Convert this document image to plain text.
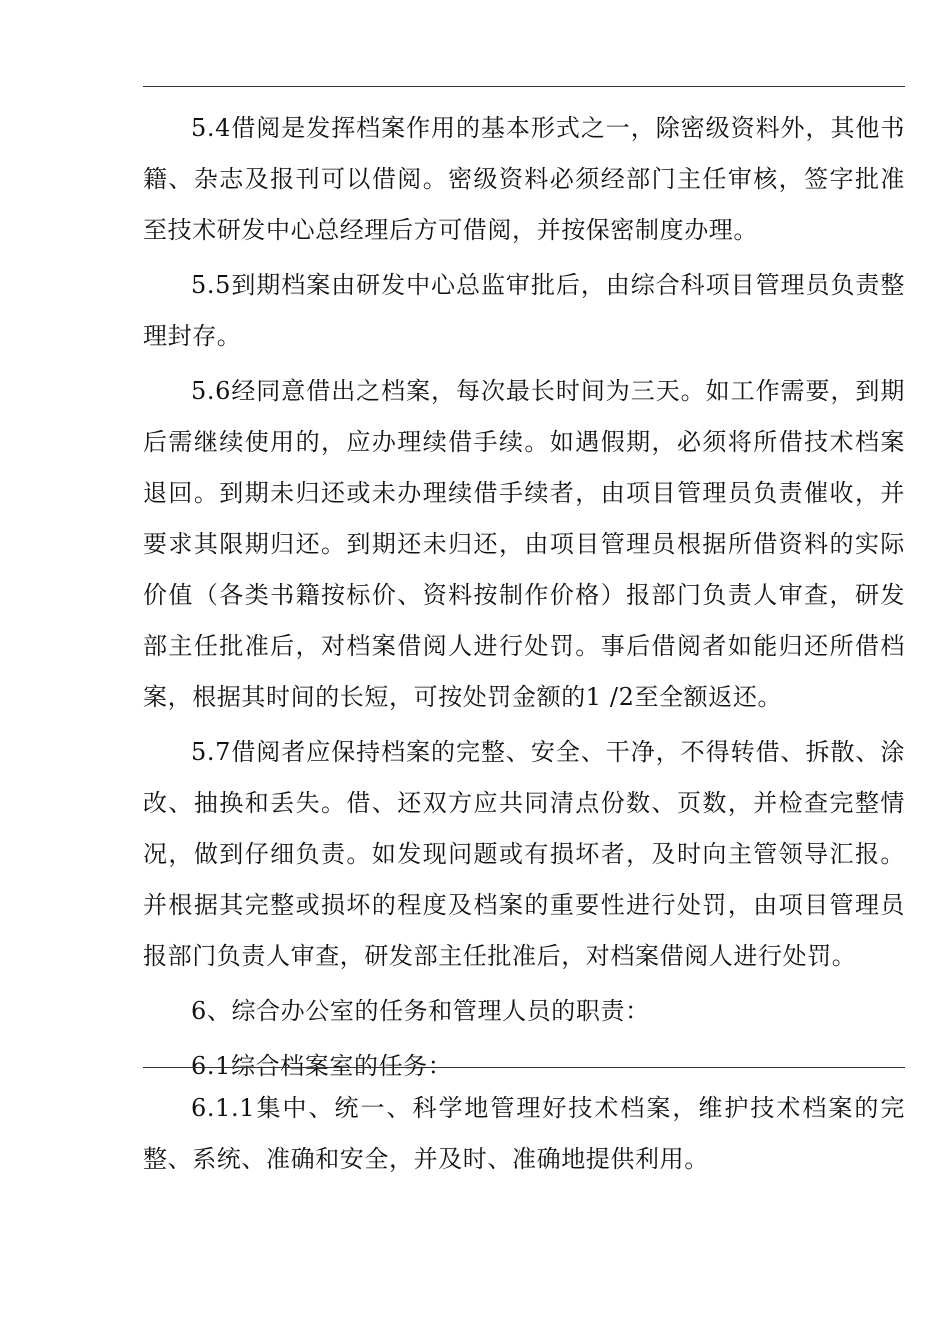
5.4借阅是发挥档案作用的基本形式之一，除密级资料外，其他书籍、杂志及报刊可以借阅。密级资料必须经部门主任审核，签字批准至技术研发中心总经理后方可借阅，并按保密制度办理。

5.5到期档案由研发中心总监审批后，由综合科项目管理员负责整理封存。

5.6经同意借出之档案，每次最长时间为三天。如工作需要，到期后需继续使用的，应办理续借手续。如遇假期，必须将所借技术档案退回。到期未归还或未办理续借手续者，由项目管理员负责催收，并要求其限期归还。到期还未归还，由项目管理员根据所借资料的实际价值（各类书籍按标价、资料按制作价格）报部门负责人审查，研发部主任批准后，对档案借阅人进行处罚。事后借阅者如能归还所借档案，根据其时间的长短，可按处罚金额的1 /2至全额返还。

5.7借阅者应保持档案的完整、安全、干净，不得转借、拆散、涂改、抽换和丢失。借、还双方应共同清点份数、页数，并检查完整情况，做到仔细负责。如发现问题或有损坏者，及时向主管领导汇报。并根据其完整或损坏的程度及档案的重要性进行处罚，由项目管理员报部门负责人审查，研发部主任批准后，对档案借阅人进行处罚。

6、综合办公室的任务和管理人员的职责：

6.1综合档案室的任务：

6.1.1集中、统一、科学地管理好技术档案，维护技术档案的完整、系统、准确和安全，并及时、准确地提供利用。
